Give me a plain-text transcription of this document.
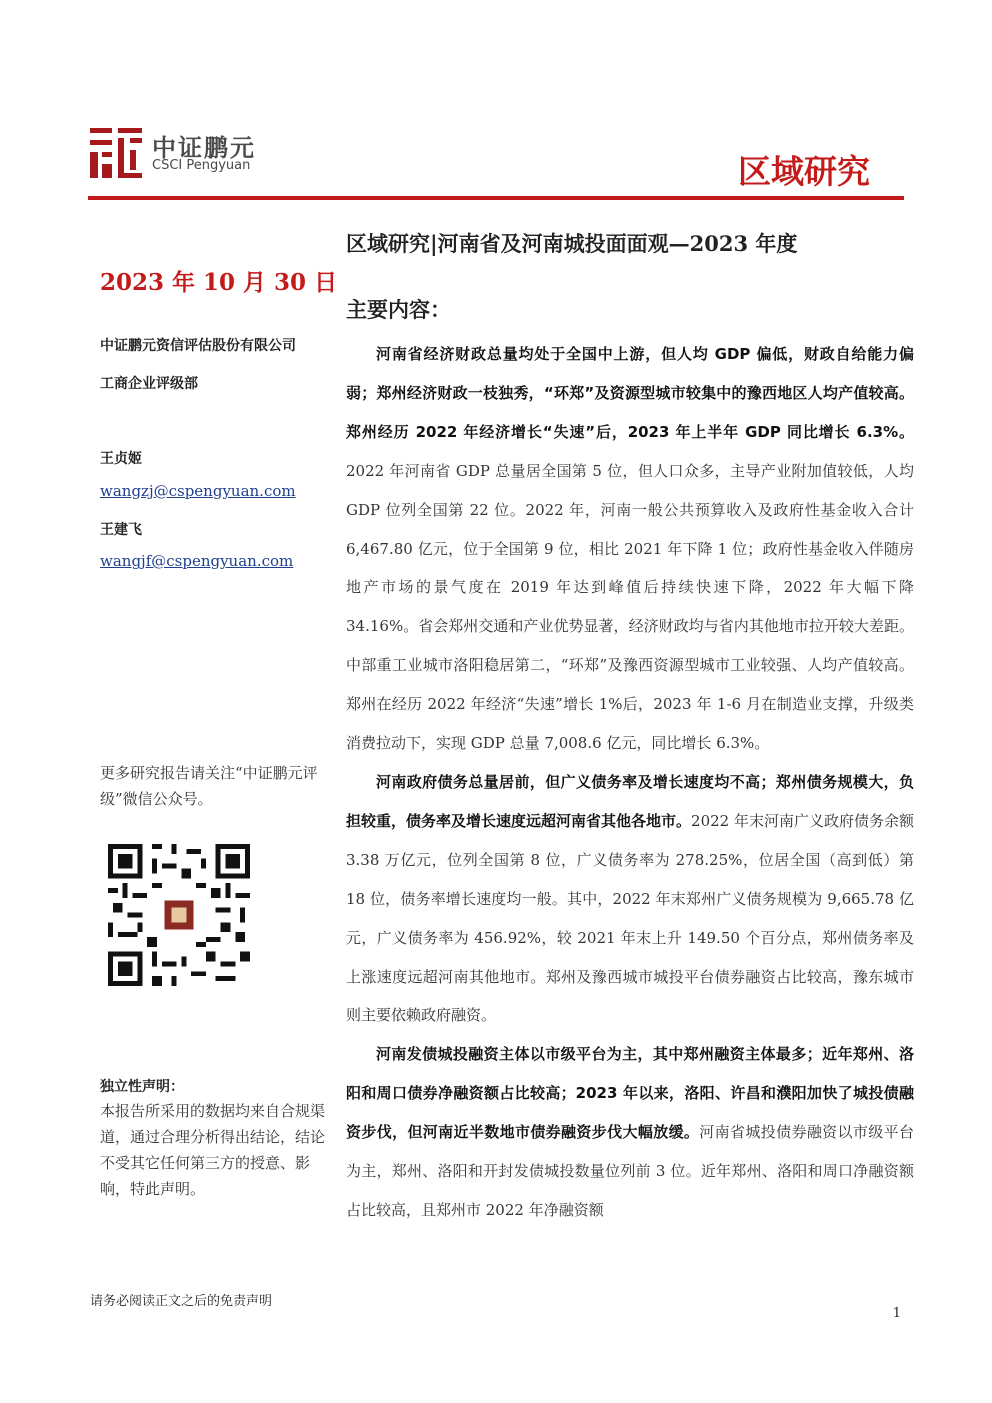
中证鹏元
CSCI Pengyuan	区域研究
2023 年 10 月 30 日
中证鹏元资信评估股份有限公司
工商企业评级部
王贞姬
wangzj@cspengyuan.com
王建飞
wangjf@cspengyuan.com
更多研究报告请关注“中证鹏元评级”微信公众号。
独立性声明：
本报告所采用的数据均来自合规渠道，通过合理分析得出结论，结论不受其它任何第三方的授意、影响，特此声明。
请务必阅读正文之后的免责声明
1
区域研究|河南省及河南城投面面观—2023 年度
主要内容：

河南省经济财政总量均处于全国中上游，但人均 GDP 偏低，财政自给能力偏弱；郑州经济财政一枝独秀，“环郑”及资源型城市较集中的豫西地区人均产值较高。郑州经历 2022 年经济增长“失速”后，2023 年上半年 GDP 同比增长 6.3%。2022 年河南省 GDP 总量居全国第 5 位，但人口众多，主导产业附加值较低，人均 GDP 位列全国第 22 位。2022 年，河南一般公共预算收入及政府性基金收入合计 6,467.80 亿元，位于全国第 9 位，相比 2021 年下降 1 位；政府性基金收入伴随房地产市场的景气度在 2019 年达到峰值后持续快速下降，2022 年大幅下降 34.16%。省会郑州交通和产业优势显著，经济财政均与省内其他地市拉开较大差距。中部重工业城市洛阳稳居第二，“环郑”及豫西资源型城市工业较强、人均产值较高。郑州在经历 2022 年经济“失速”增长 1%后，2023 年 1-6 月在制造业支撑，升级类消费拉动下，实现 GDP 总量 7,008.6 亿元，同比增长 6.3%。

河南政府债务总量居前，但广义债务率及增长速度均不高；郑州债务规模大，负担较重，债务率及增长速度远超河南省其他各地市。2022 年末河南广义政府债务余额 3.38 万亿元，位列全国第 8 位，广义债务率为 278.25%，位居全国（高到低）第 18 位，债务率增长速度均一般。其中，2022 年末郑州广义债务规模为 9,665.78 亿元，广义债务率为 456.92%，较 2021 年末上升 149.50 个百分点，郑州债务率及上涨速度远超河南其他地市。郑州及豫西城市城投平台债券融资占比较高，豫东城市则主要依赖政府融资。

河南发债城投融资主体以市级平台为主，其中郑州融资主体最多；近年郑州、洛阳和周口债券净融资额占比较高；2023 年以来，洛阳、许昌和濮阳加快了城投债融资步伐，但河南近半数地市债券融资步伐大幅放缓。河南省城投债券融资以市级平台为主，郑州、洛阳和开封发债城投数量位列前 3 位。近年郑州、洛阳和周口净融资额占比较高，且郑州市 2022 年净融资额
